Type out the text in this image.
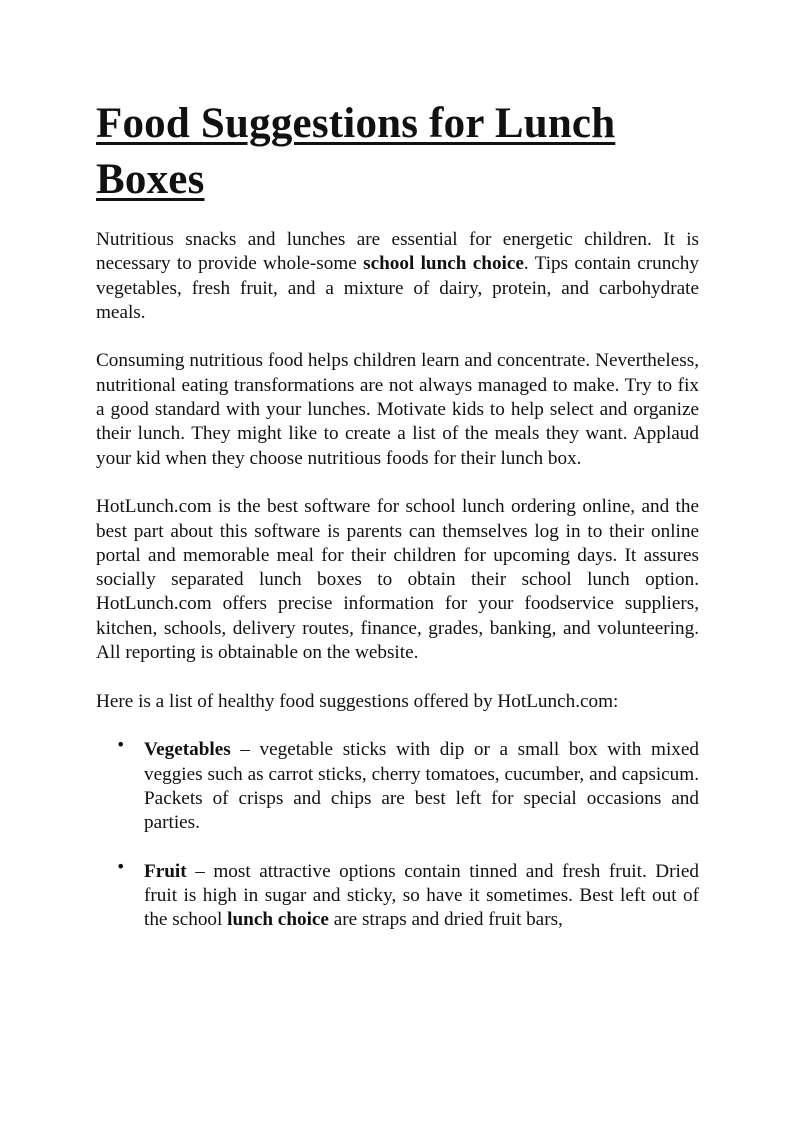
Food Suggestions for Lunch Boxes

Nutritious snacks and lunches are essential for energetic children. It is necessary to provide whole-some school lunch choice. Tips contain crunchy vegetables, fresh fruit, and a mixture of dairy, protein, and carbohydrate meals.

Consuming nutritious food helps children learn and concentrate. Nevertheless, nutritional eating transformations are not always managed to make. Try to fix a good standard with your lunches. Motivate kids to help select and organize their lunch. They might like to create a list of the meals they want. Applaud your kid when they choose nutritious foods for their lunch box.

HotLunch.com is the best software for school lunch ordering online, and the best part about this software is parents can themselves log in to their online portal and memorable meal for their children for upcoming days. It assures socially separated lunch boxes to obtain their school lunch option. HotLunch.com offers precise information for your foodservice suppliers, kitchen, schools, delivery routes, finance, grades, banking, and volunteering. All reporting is obtainable on the website.

Here is a list of healthy food suggestions offered by HotLunch.com:

• Vegetables – vegetable sticks with dip or a small box with mixed veggies such as carrot sticks, cherry tomatoes, cucumber, and capsicum. Packets of crisps and chips are best left for special occasions and parties.

• Fruit – most attractive options contain tinned and fresh fruit. Dried fruit is high in sugar and sticky, so have it sometimes. Best left out of the school lunch choice are straps and dried fruit bars,
